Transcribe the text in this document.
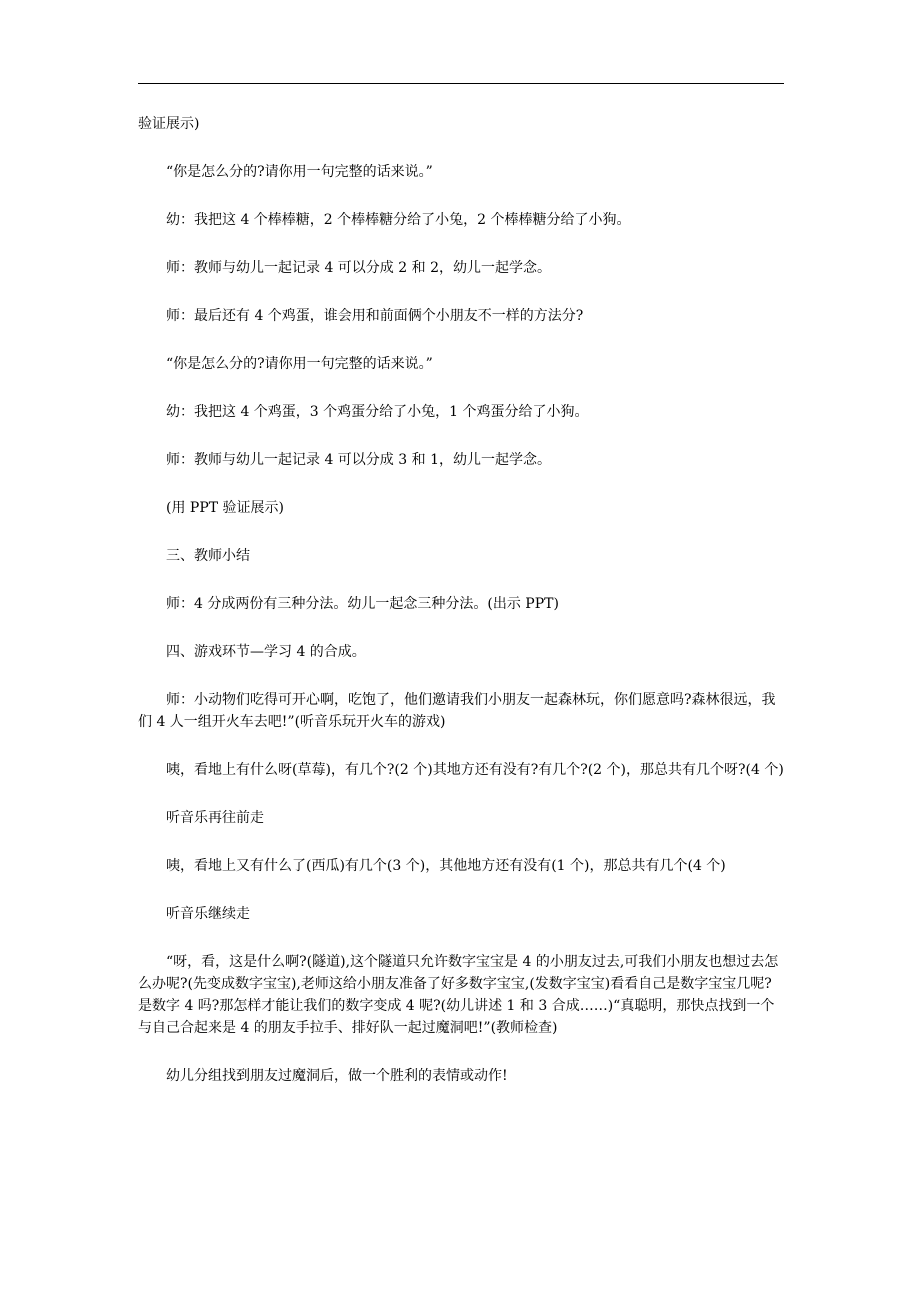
验证展示)

“你是怎么分的?请你用一句完整的话来说。”

幼：我把这 4 个棒棒糖，2 个棒棒糖分给了小兔，2 个棒棒糖分给了小狗。

师：教师与幼儿一起记录 4 可以分成 2 和 2，幼儿一起学念。

师：最后还有 4 个鸡蛋，谁会用和前面俩个小朋友不一样的方法分?

“你是怎么分的?请你用一句完整的话来说。”

幼：我把这 4 个鸡蛋，3 个鸡蛋分给了小兔，1 个鸡蛋分给了小狗。

师：教师与幼儿一起记录 4 可以分成 3 和 1，幼儿一起学念。

(用 PPT 验证展示)

三、教师小结

师：4 分成两份有三种分法。幼儿一起念三种分法。(出示 PPT)

四、游戏环节—学习 4 的合成。

师：小动物们吃得可开心啊，吃饱了，他们邀请我们小朋友一起森林玩，你们愿意吗?森林很远，我们 4 人一组开火车去吧!”(听音乐玩开火车的游戏)

咦，看地上有什么呀(草莓)，有几个?(2 个)其地方还有没有?有几个?(2 个)，那总共有几个呀?(4 个)

听音乐再往前走

咦，看地上又有什么了(西瓜)有几个(3 个)，其他地方还有没有(1 个)，那总共有几个(4 个)

听音乐继续走

“呀，看，这是什么啊?(隧道),这个隧道只允许数字宝宝是 4 的小朋友过去,可我们小朋友也想过去怎么办呢?(先变成数字宝宝),老师这给小朋友准备了好多数字宝宝,(发数字宝宝)看看自己是数字宝宝几呢?是数字 4 吗?那怎样才能让我们的数字变成 4 呢?(幼儿讲述 1 和 3 合成……)“真聪明，那快点找到一个与自己合起来是 4 的朋友手拉手、排好队一起过魔洞吧!”(教师检查)

幼儿分组找到朋友过魔洞后，做一个胜利的表情或动作!
